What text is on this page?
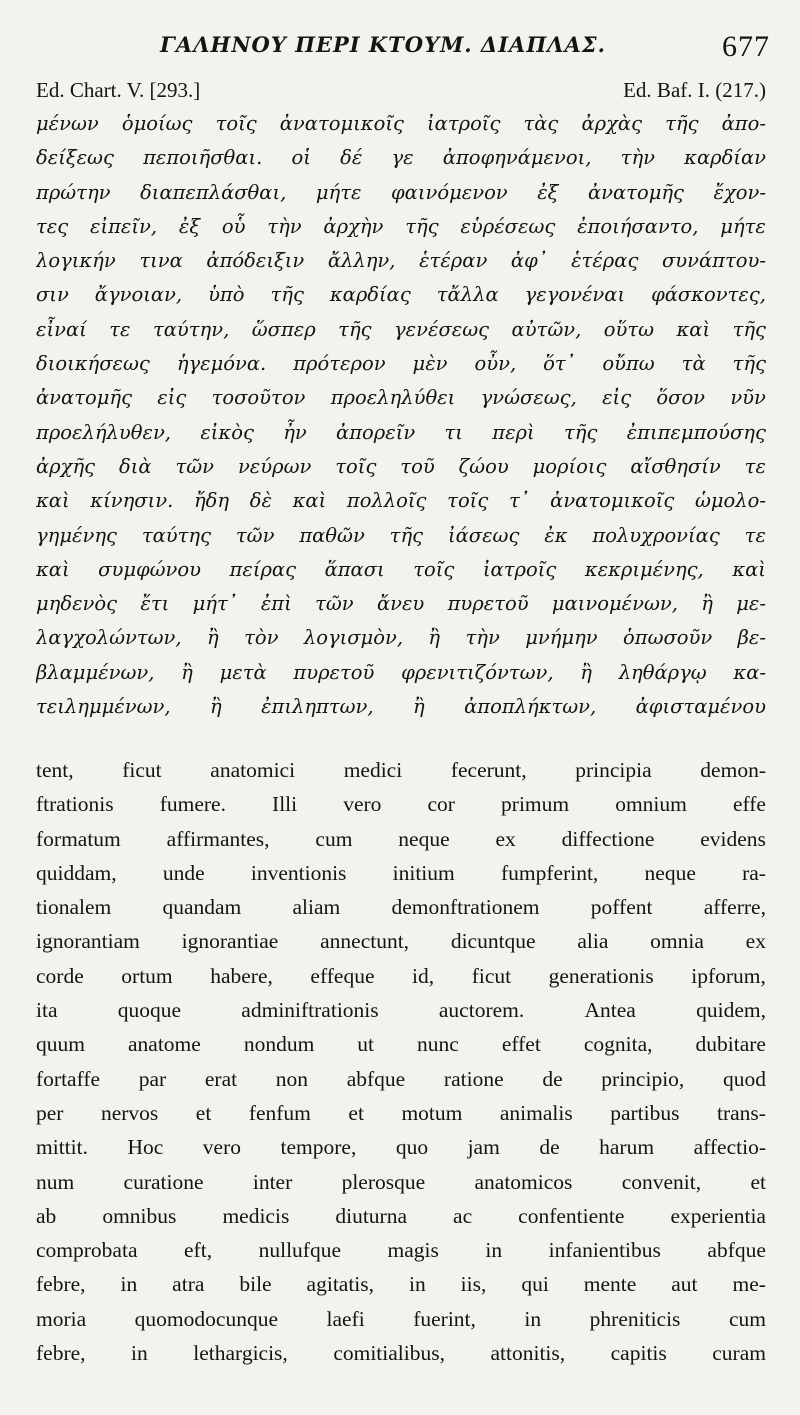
ΓΑΛΗΝΟΥ ΠΕΡΙ ΚΤΟΥΜ. ΔΙΑΠΛΑΣ.	677
Ed. Chart. V. [293.]	Ed. Baf. I. (217.)
μένων ὁμοίως τοῖς ἀνατομικοῖς ἰατροῖς τὰς ἀρχὰς τῆς ἀπο-
δείξεως πεποιῆσθαι. οἱ δέ γε ἀποφηνάμενοι, τὴν καρδίαν
πρώτην διαπεπλάσθαι, μήτε φαινόμενον ἐξ ἀνατομῆς ἔχον-
τες εἰπεῖν, ἐξ οὗ τὴν ἀρχὴν τῆς εὑρέσεως ἐποιήσαντο, μήτε
λογικήν τινα ἀπόδειξιν ἄλλην, ἑτέραν ἀφ᾽ ἑτέρας συνάπτου-
σιν ἄγνοιαν, ὑπὸ τῆς καρδίας τἄλλα γεγονέναι φάσκοντες,
εἶναί τε ταύτην, ὥσπερ τῆς γενέσεως αὐτῶν, οὕτω καὶ τῆς
διοικήσεως ἡγεμόνα. πρότερον μὲν οὖν, ὅτ᾽ οὔπω τὰ τῆς
ἀνατομῆς εἰς τοσοῦτον προεληλύθει γνώσεως, εἰς ὅσον νῦν
προελήλυθεν, εἰκὸς ἦν ἀπορεῖν τι περὶ τῆς ἐπιπεμπούσης
ἀρχῆς διὰ τῶν νεύρων τοῖς τοῦ ζώου μορίοις αἴσθησίν τε
καὶ κίνησιν. ἤδη δὲ καὶ πολλοῖς τοῖς τ᾽ ἀνατομικοῖς ὡμολο-
γημένης ταύτης τῶν παθῶν τῆς ἰάσεως ἐκ πολυχρονίας τε
καὶ συμφώνου πείρας ἅπασι τοῖς ἰατροῖς κεκριμένης, καὶ
μηδενὸς ἔτι μήτ᾽ ἐπὶ τῶν ἄνευ πυρετοῦ μαινομένων, ἢ με-
λαγχολώντων, ἢ τὸν λογισμὸν, ἢ τὴν μνήμην ὁπωσοῦν βε-
βλαμμένων, ἢ μετὰ πυρετοῦ φρενιτιζόντων, ἢ ληθάργῳ κα-
τειλημμένων, ἢ ἐπιληπτων, ἢ ἀποπλήκτων, ἀφισταμένου
tent, ficut anatomici medici fecerunt, principia demon-
ftrationis fumere. Illi vero cor primum omnium effe
formatum affirmantes, cum neque ex diffectione evidens
quiddam, unde inventionis initium fumpferint, neque ra-
tionalem quandam aliam demonftrationem poffent afferre,
ignorantiam ignorantiae annectunt, dicuntque alia omnia ex
corde ortum habere, effeque id, ficut generationis ipforum,
ita	quoque	adminiftrationis	auctorem.	Antea	quidem,
quum anatome nondum ut nunc effet cognita, dubitare
fortaffe par erat non abfque ratione de principio, quod
per nervos et fenfum et motum animalis partibus trans-
mittit. Hoc vero tempore, quo jam de harum affectio-
num curatione inter plerosque anatomicos convenit, et
ab omnibus medicis diuturna ac confentiente experientia
comprobata eft, nullufque magis in infanientibus abfque
febre, in atra bile agitatis, in iis, qui mente aut me-
moria quomodocunque laefi fuerint, in phreniticis cum
febre, in lethargicis, comitialibus, attonitis, capitis curam
